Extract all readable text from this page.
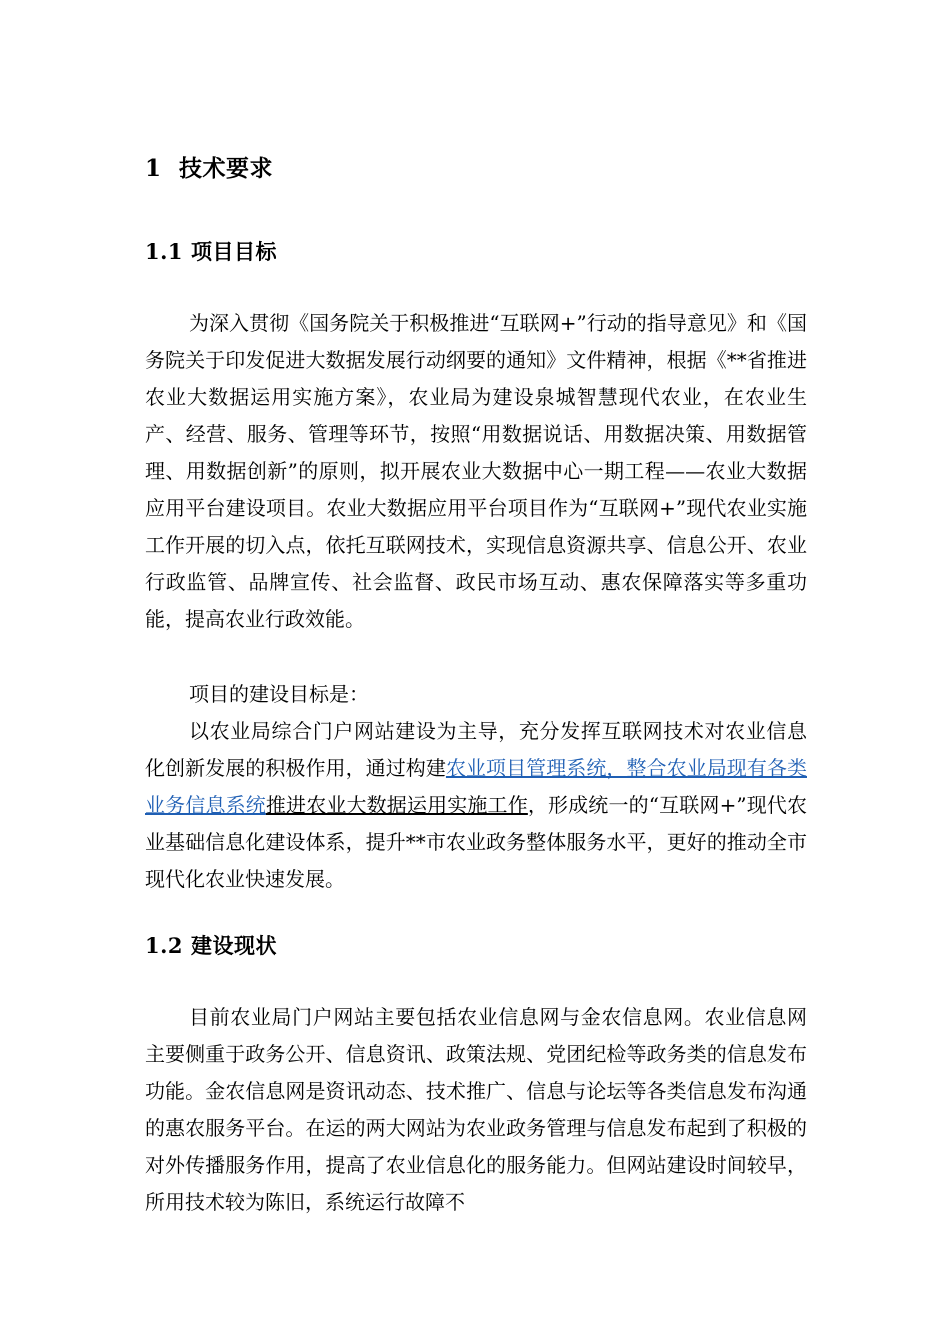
1 技术要求
1.1 项目目标
为深入贯彻《国务院关于积极推进“互联网+”行动的指导意见》和《国务院关于印发促进大数据发展行动纲要的通知》文件精神，根据《**省推进农业大数据运用实施方案》，农业局为建设泉城智慧现代农业，在农业生产、经营、服务、管理等环节，按照“用数据说话、用数据决策、用数据管理、用数据创新”的原则，拟开展农业大数据中心一期工程——农业大数据应用平台建设项目。农业大数据应用平台项目作为“互联网+”现代农业实施工作开展的切入点，依托互联网技术，实现信息资源共享、信息公开、农业行政监管、品牌宣传、社会监督、政民市场互动、惠农保障落实等多重功能，提高农业行政效能。
项目的建设目标是：
以农业局综合门户网站建设为主导，充分发挥互联网技术对农业信息化创新发展的积极作用，通过构建农业项目管理系统，整合农业局现有各类业务信息系统推进农业大数据运用实施工作，形成统一的“互联网+”现代农业基础信息化建设体系，提升**市农业政务整体服务水平，更好的推动全市现代化农业快速发展。
1.2 建设现状
目前农业局门户网站主要包括农业信息网与金农信息网。农业信息网主要侧重于政务公开、信息资讯、政策法规、党团纪检等政务类的信息发布功能。金农信息网是资讯动态、技术推广、信息与论坛等各类信息发布沟通的惠农服务平台。在运的两大网站为农业政务管理与信息发布起到了积极的对外传播服务作用，提高了农业信息化的服务能力。但网站建设时间较早，所用技术较为陈旧，系统运行故障不
